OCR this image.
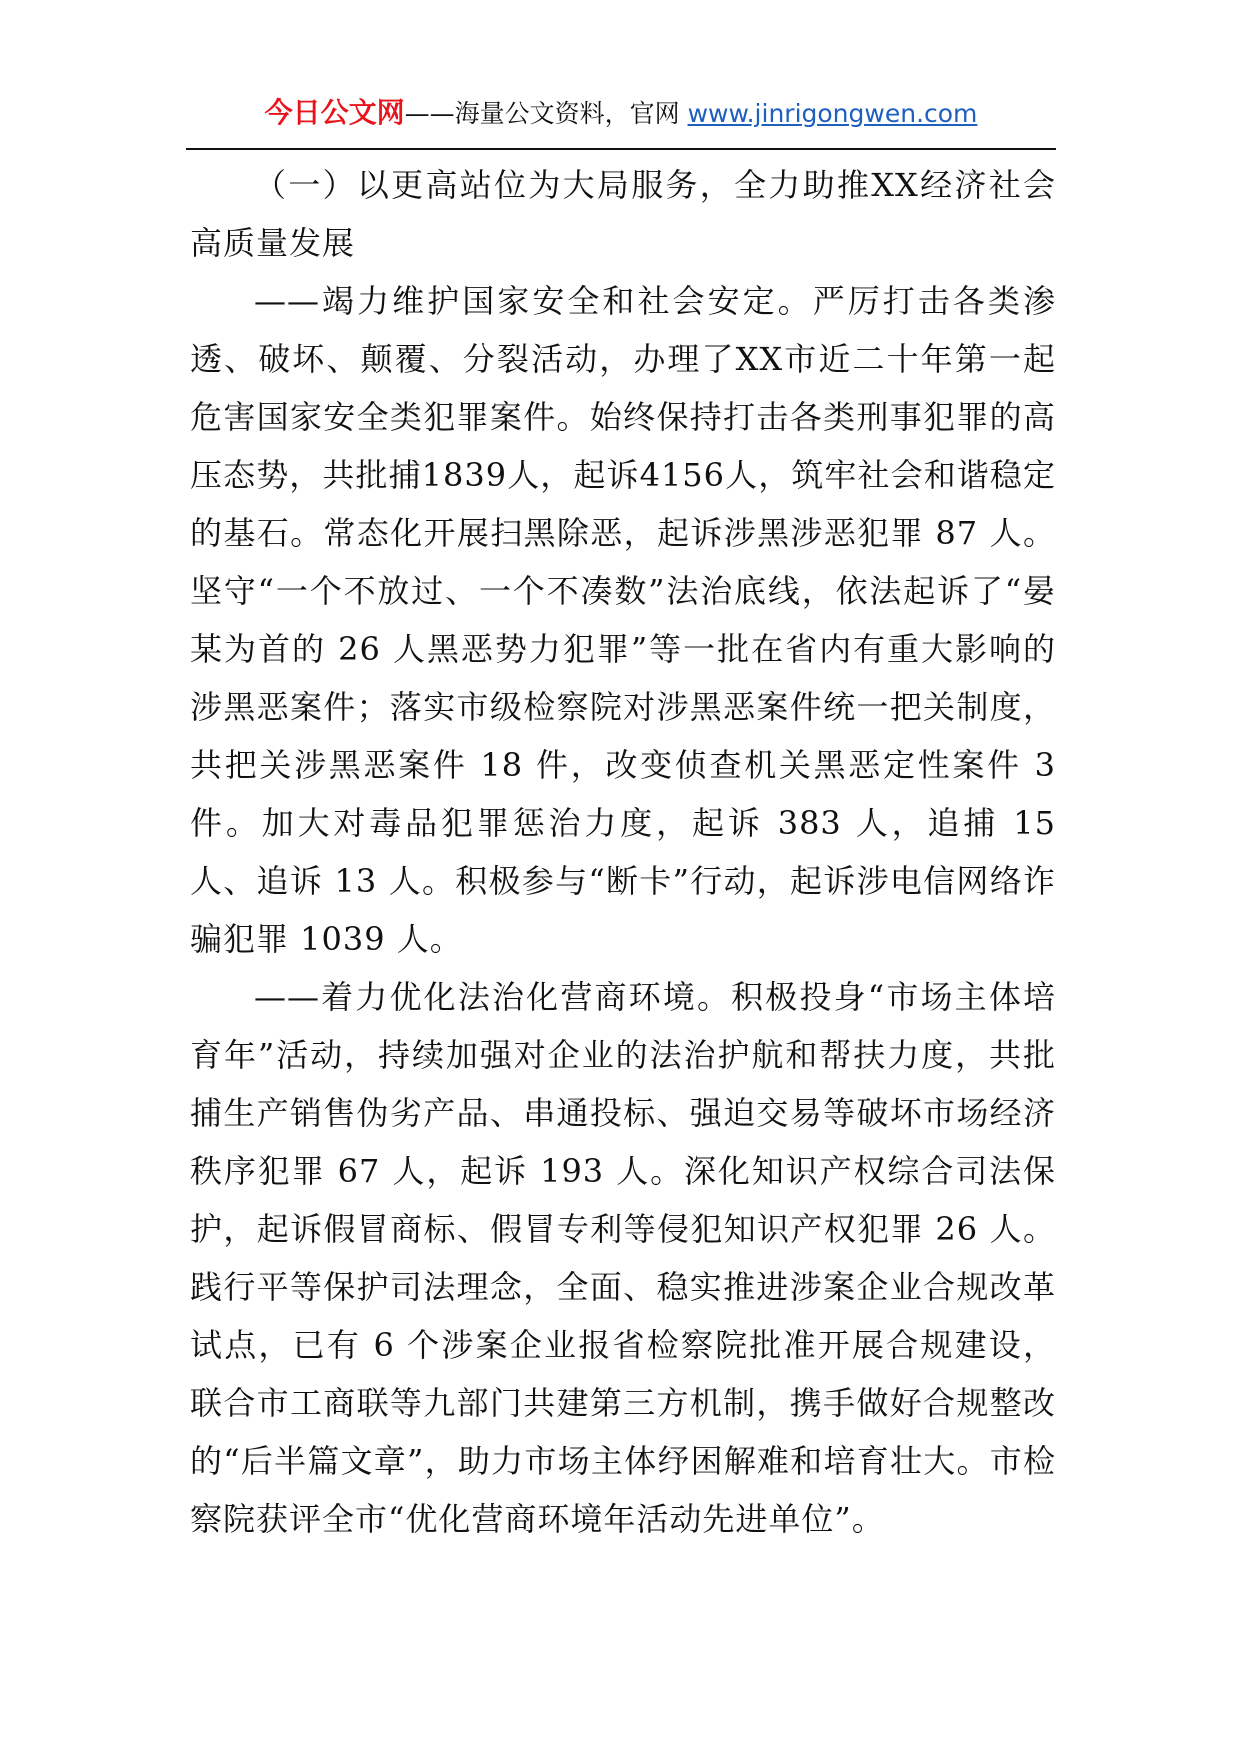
今日公文网——海量公文资料，官网 www.jinrigongwen.com

（一）以更高站位为大局服务，全力助推XX经济社会高质量发展

——竭力维护国家安全和社会安定。严厉打击各类渗透、破坏、颠覆、分裂活动，办理了XX市近二十年第一起危害国家安全类犯罪案件。始终保持打击各类刑事犯罪的高压态势，共批捕1839人，起诉4156人，筑牢社会和谐稳定的基石。常态化开展扫黑除恶，起诉涉黑涉恶犯罪 87 人。坚守“一个不放过、一个不凑数”法治底线，依法起诉了“晏某为首的 26 人黑恶势力犯罪”等一批在省内有重大影响的涉黑恶案件；落实市级检察院对涉黑恶案件统一把关制度，共把关涉黑恶案件 18 件，改变侦查机关黑恶定性案件 3 件。加大对毒品犯罪惩治力度，起诉 383 人，追捕 15 人、追诉 13 人。积极参与“断卡”行动，起诉涉电信网络诈骗犯罪 1039 人。

——着力优化法治化营商环境。积极投身“市场主体培育年”活动，持续加强对企业的法治护航和帮扶力度，共批捕生产销售伪劣产品、串通投标、强迫交易等破坏市场经济秩序犯罪 67 人，起诉 193 人。深化知识产权综合司法保护，起诉假冒商标、假冒专利等侵犯知识产权犯罪 26 人。践行平等保护司法理念，全面、稳实推进涉案企业合规改革试点，已有 6 个涉案企业报省检察院批准开展合规建设，联合市工商联等九部门共建第三方机制，携手做好合规整改的“后半篇文章”，助力市场主体纾困解难和培育壮大。市检察院获评全市“优化营商环境年活动先进单位”。
